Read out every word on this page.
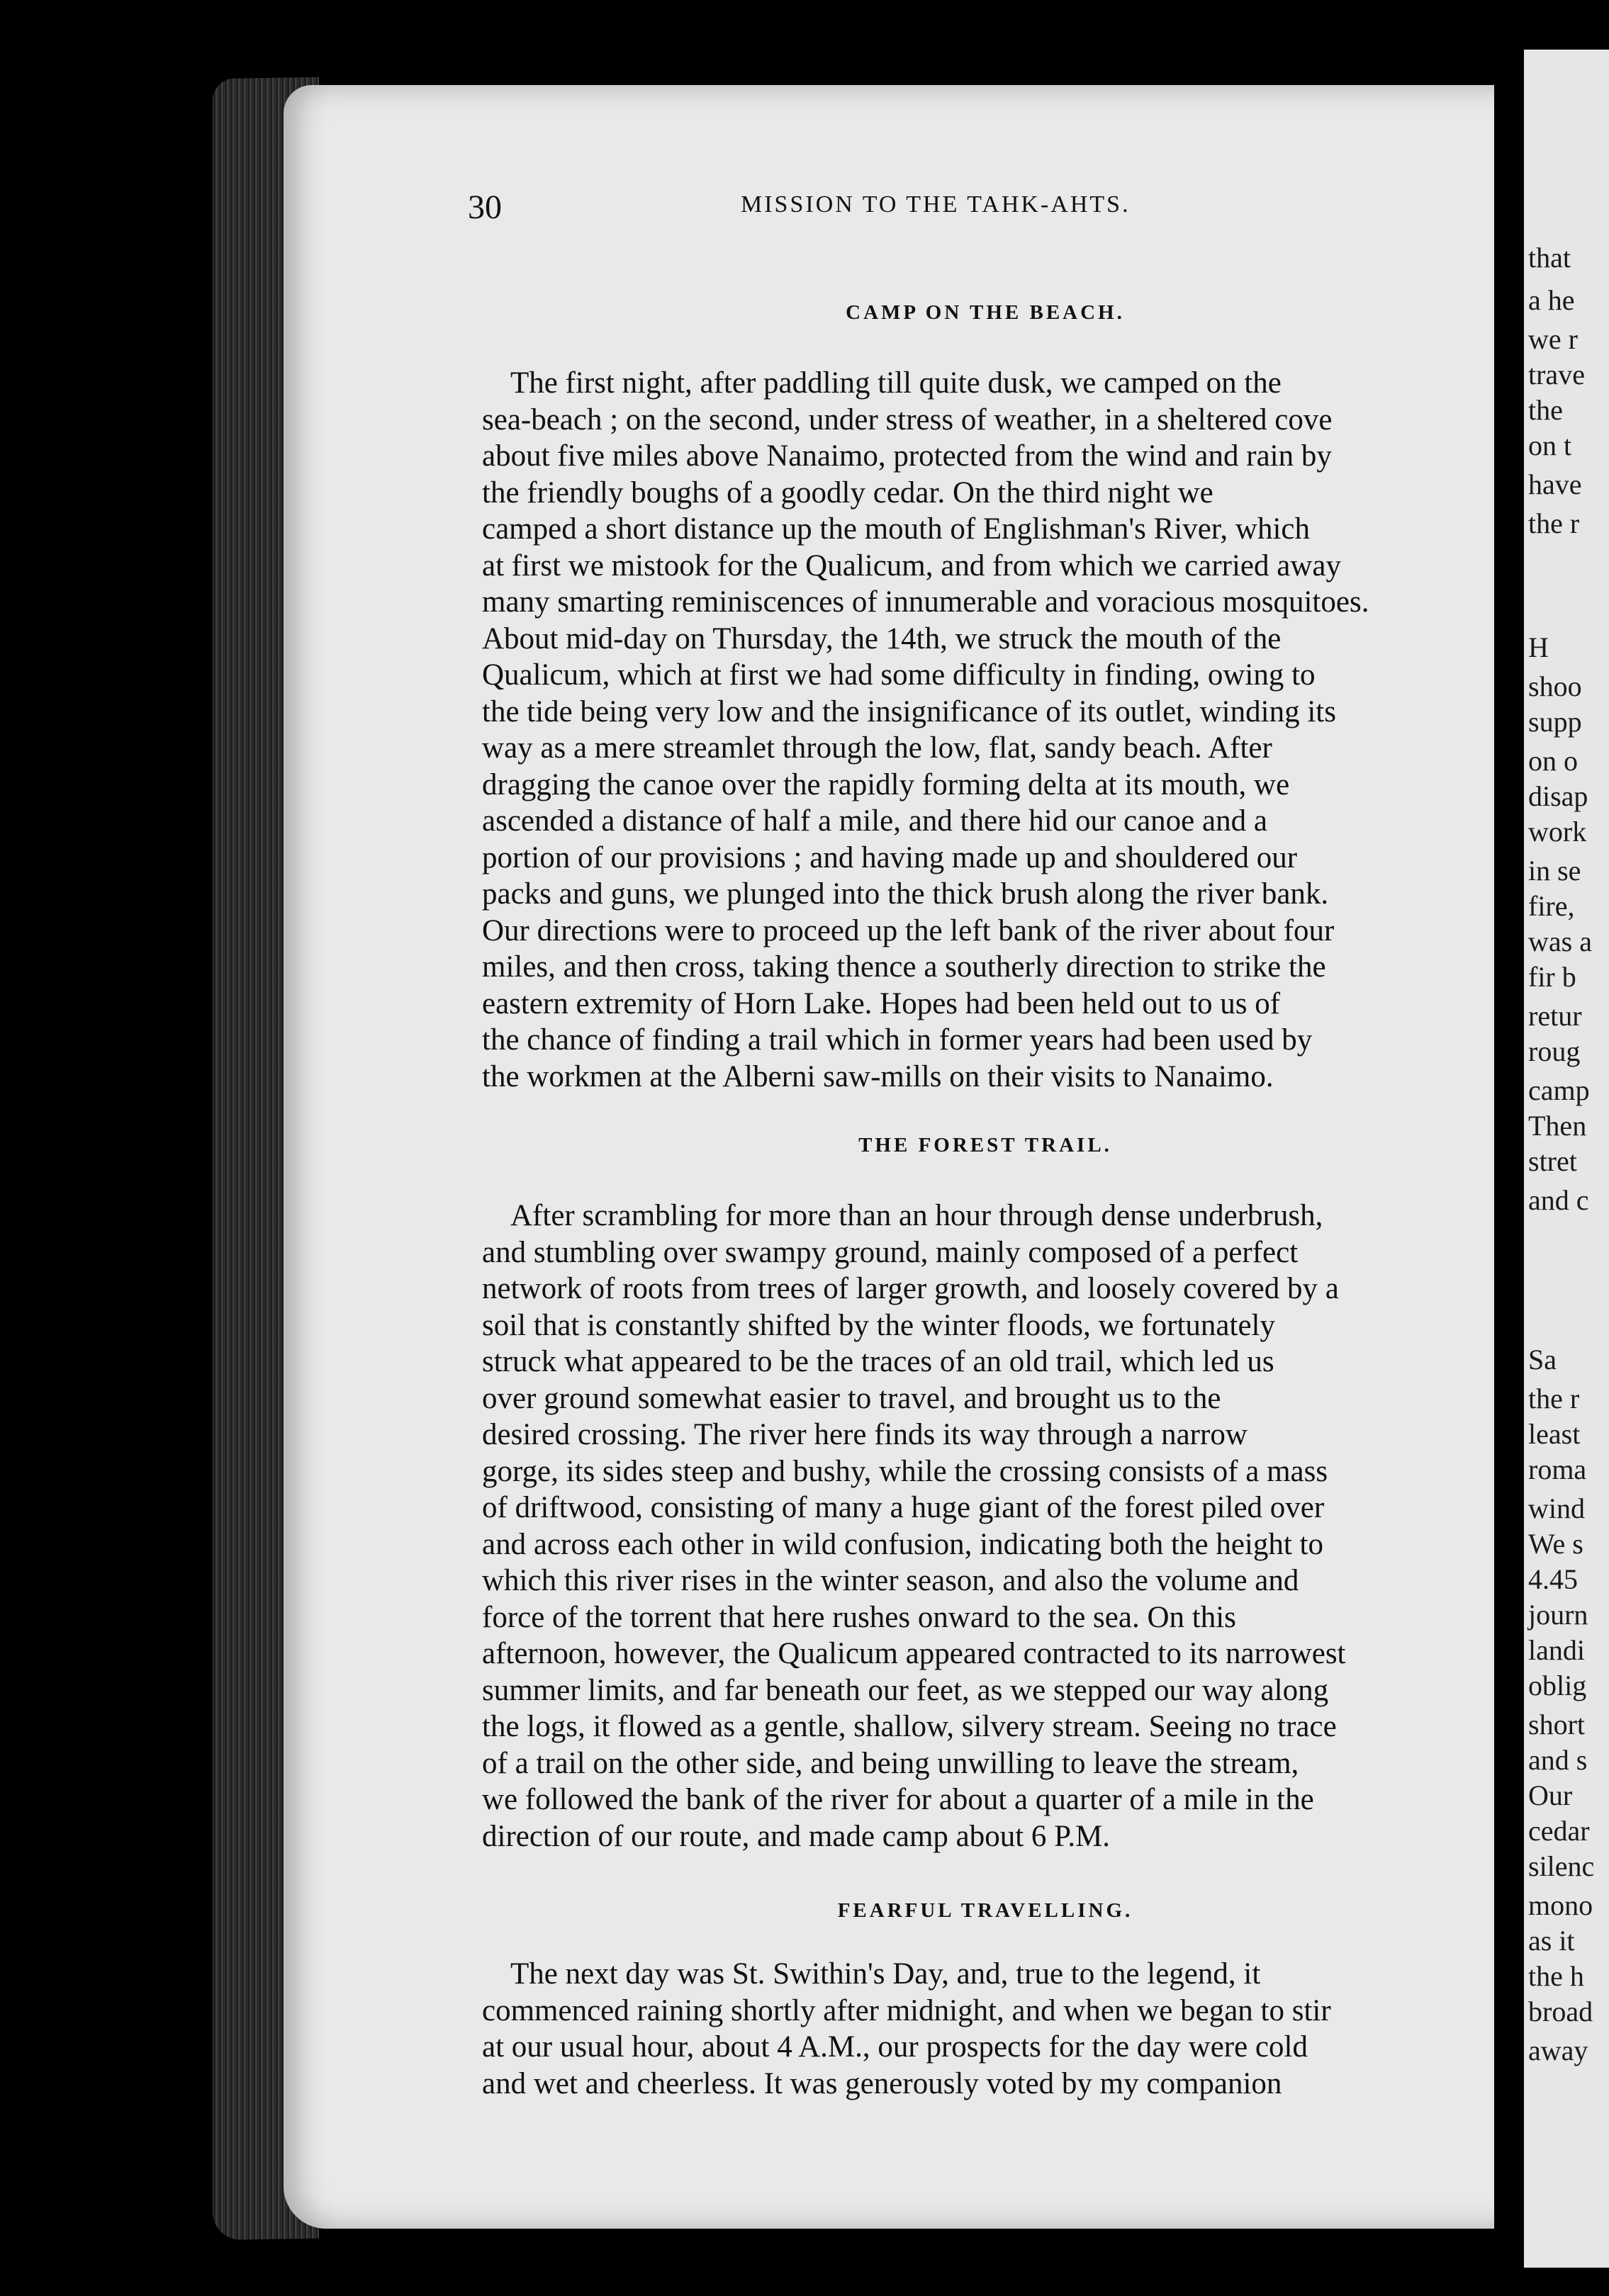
that
a he
we r
trave
the
on t
have
the r
H
shoo
supp
on o
disap
work
in se
fire,
was a
fir b
retur
roug
camp
Then
stret
and c
Sa
the r
least
roma
wind
We s
4.45
journ
landi
oblig
short
and s
Our
cedar
silenc
mono
as it
the h
broad
away
30	MISSION TO THE TAHK-AHTS.
CAMP ON THE BEACH.
The first night, after paddling till quite dusk, we camped on the
sea-beach ; on the second, under stress of weather, in a sheltered cove
about five miles above Nanaimo, protected from the wind and rain by
the friendly boughs of a goodly cedar. On the third night we
camped a short distance up the mouth of Englishman's River, which
at first we mistook for the Qualicum, and from which we carried away
many smarting reminiscences of innumerable and voracious mosquitoes.
About mid-day on Thursday, the 14th, we struck the mouth of the
Qualicum, which at first we had some difficulty in finding, owing to
the tide being very low and the insignificance of its outlet, winding its
way as a mere streamlet through the low, flat, sandy beach. After
dragging the canoe over the rapidly forming delta at its mouth, we
ascended a distance of half a mile, and there hid our canoe and a
portion of our provisions ; and having made up and shouldered our
packs and guns, we plunged into the thick brush along the river bank.
Our directions were to proceed up the left bank of the river about four
miles, and then cross, taking thence a southerly direction to strike the
eastern extremity of Horn Lake. Hopes had been held out to us of
the chance of finding a trail which in former years had been used by
the workmen at the Alberni saw-mills on their visits to Nanaimo.
THE FOREST TRAIL.
After scrambling for more than an hour through dense underbrush,
and stumbling over swampy ground, mainly composed of a perfect
network of roots from trees of larger growth, and loosely covered by a
soil that is constantly shifted by the winter floods, we fortunately
struck what appeared to be the traces of an old trail, which led us
over ground somewhat easier to travel, and brought us to the
desired crossing. The river here finds its way through a narrow
gorge, its sides steep and bushy, while the crossing consists of a mass
of driftwood, consisting of many a huge giant of the forest piled over
and across each other in wild confusion, indicating both the height to
which this river rises in the winter season, and also the volume and
force of the torrent that here rushes onward to the sea. On this
afternoon, however, the Qualicum appeared contracted to its narrowest
summer limits, and far beneath our feet, as we stepped our way along
the logs, it flowed as a gentle, shallow, silvery stream. Seeing no trace
of a trail on the other side, and being unwilling to leave the stream,
we followed the bank of the river for about a quarter of a mile in the
direction of our route, and made camp about 6 P.M.
FEARFUL TRAVELLING.
The next day was St. Swithin's Day, and, true to the legend, it
commenced raining shortly after midnight, and when we began to stir
at our usual hour, about 4 A.M., our prospects for the day were cold
and wet and cheerless. It was generously voted by my companion
